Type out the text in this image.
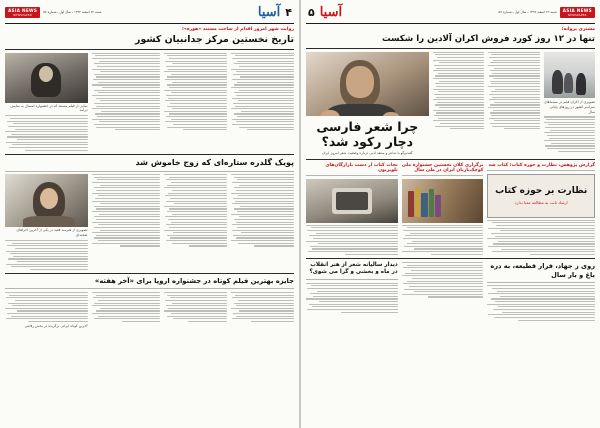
ASIA NEWS
NEWSPAPER
شنبه ۲۲ اسفند ۱۳۹۴ ـ سال اول ـ شماره ۵۷
آسیا
۵
مشتری پروانه؛
تنها در ۱۲ روز کورد فروش اکران آلادین را شکست
تصویری از اکران فیلم در سینماهای سراسر کشور در روزهای پایانی سال
چرا شعر فارسی دچار رکود شد؟
گفت‌وگو با شاعر و منتقد ادبی درباره وضعیت شعر امروز ایران
گزارش پژوهش، نظارت و حوزه کتاب؛ کتاب شد
نظارت بر حوزه کتاب
ارشاد ثابت به مطالعه معنا ندارد
برگزاری کلان نخستین جشنواره ملی کوچک‌بازیان ایران در طی سال
نجات کتاب از دست بازارگان‌های تلویزیون
روی ز جهاد، فرار قطیعه، به دره باغ و بار سال
دیدار سالیانه شعر از هنر انقلاب در ماه و بخشی و گرا می شوی؟
۴
آسیا
شنبه ۲۲ اسفند ۱۳۹۴ ـ سال اول ـ شماره ۵۷
ASIA NEWS
NEWSPAPER
روایت شهر امروز اقدام از ساخت مستند «هوره»؛
تاریخ نخستین مرکز جدانبیان کشور
نمایی از فیلم مستند که در جشنواره امسال به نمایش درآمد
پویک گلدره ستاره‌ای که زوج خاموش شد
تصویری از هنرمند فقید در یکی از آخرین اجراهای صحنه‌ای
جایزه بهترین فیلم کوتاه در جشنواره اروپا برای «آخر هفته»
آخرین کوتاه ایرانی برگزیده در بخش رقابتی
